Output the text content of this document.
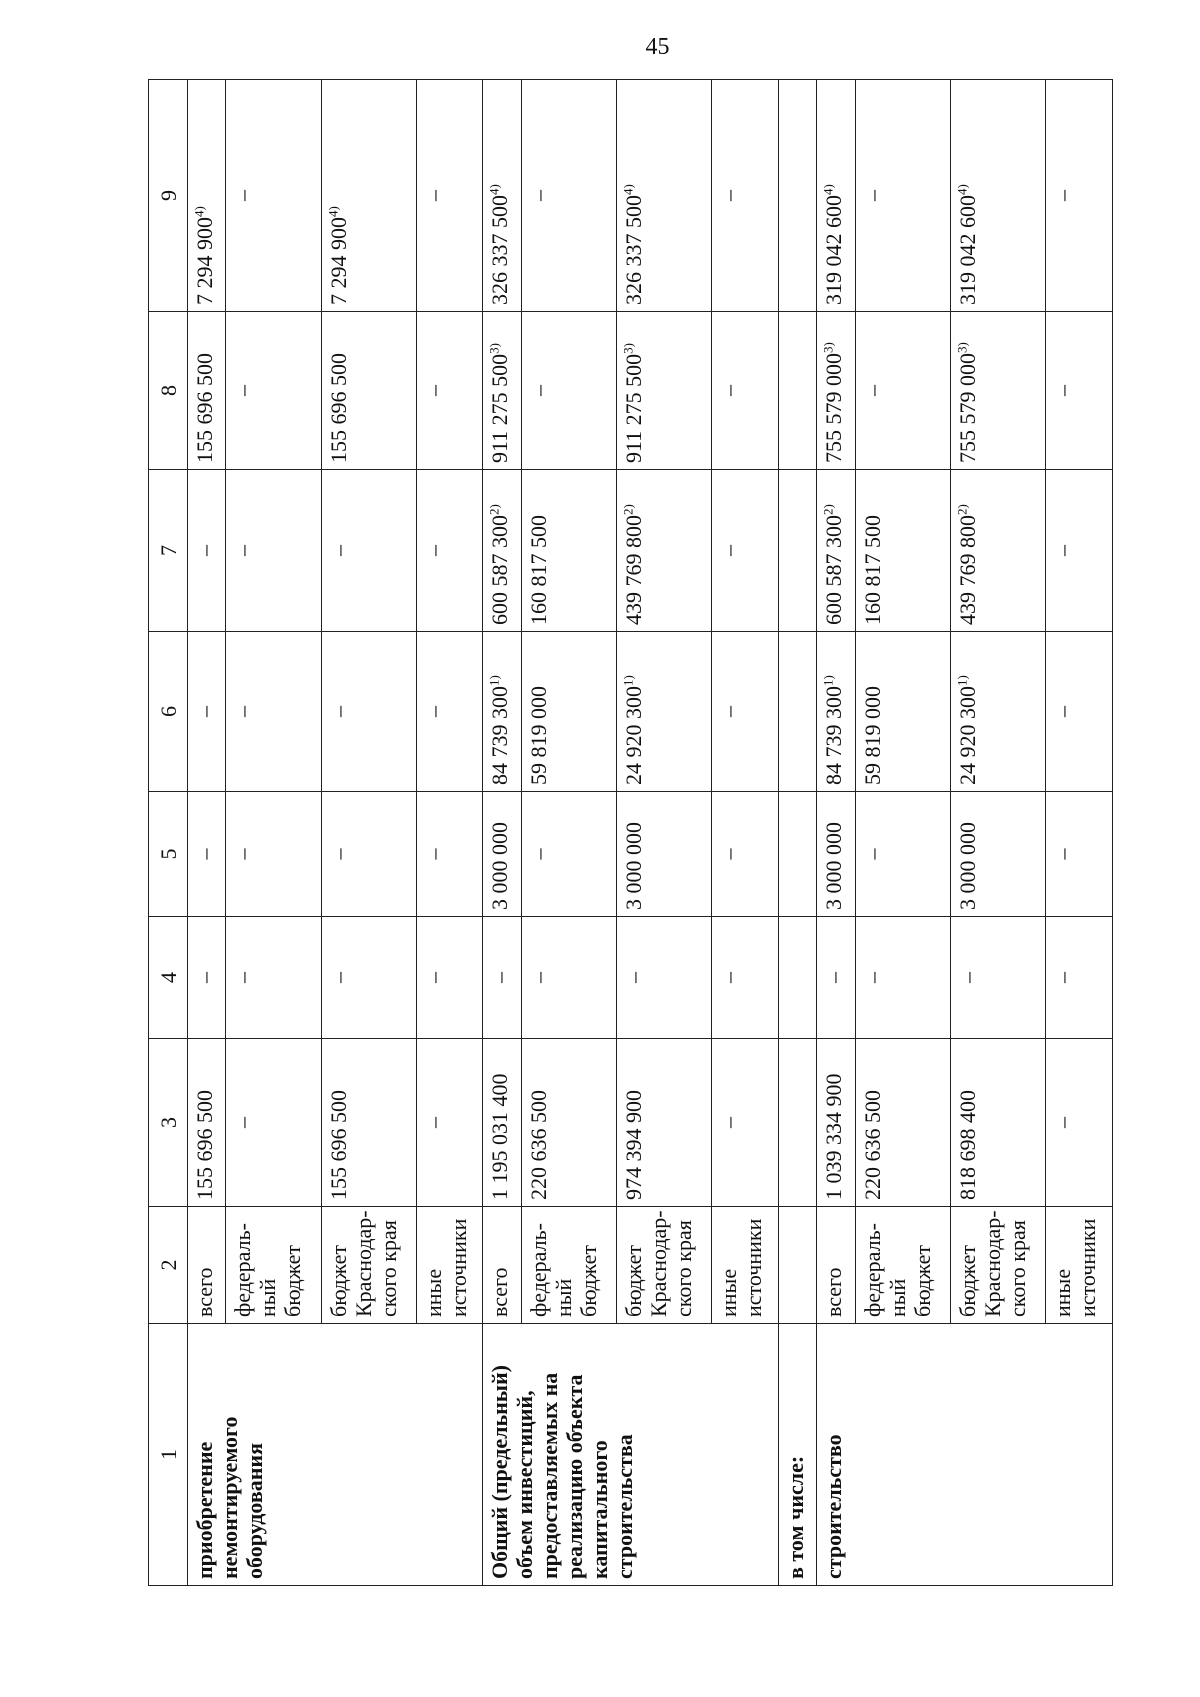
45
1	2	3	4	5	6	7	8	9
приобретение немонтируемого оборудования	всего	155 696 500	–	–	–	–	155 696 500	7 294 900$^{4)}$
	федераль-ный бюджет	–	–	–	–	–	–	–
	бюджет Краснодар-ского края	155 696 500	–	–	–	–	155 696 500	7 294 900$^{4)}$
	иные источники	–	–	–	–	–	–	–
Общий (предельный) объем инвестиций, предоставляемых на реализацию объекта капитального строительства	всего	1 195 031 400	–	3 000 000	84 739 300$^{1)}$	600 587 300$^{2)}$	911 275 500$^{3)}$	326 337 500$^{4)}$
	федераль-ный бюджет	220 636 500	–	–	59 819 000	160 817 500	–	–
	бюджет Краснодар-ского края	974 394 900	–	3 000 000	24 920 300$^{1)}$	439 769 800$^{2)}$	911 275 500$^{3)}$	326 337 500$^{4)}$
	иные источники	–	–	–	–	–	–	–
в том числе:								
строительство	всего	1 039 334 900	–	3 000 000	84 739 300$^{1)}$	600 587 300$^{2)}$	755 579 000$^{3)}$	319 042 600$^{4)}$
	федераль-ный бюджет	220 636 500	–	–	59 819 000	160 817 500	–	–
	бюджет Краснодар-ского края	818 698 400	–	3 000 000	24 920 300$^{1)}$	439 769 800$^{2)}$	755 579 000$^{3)}$	319 042 600$^{4)}$
	иные источники	–	–	–	–	–	–	–
